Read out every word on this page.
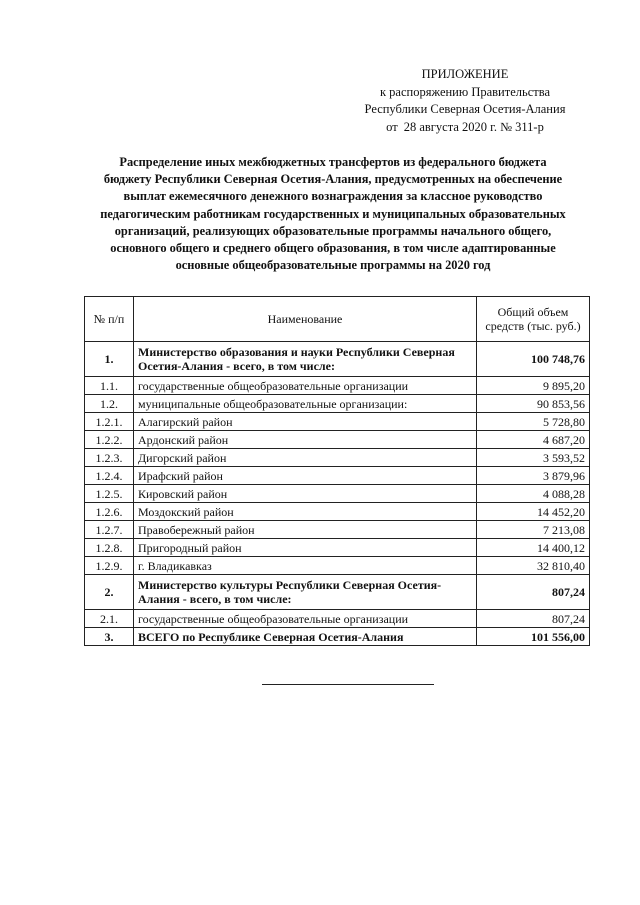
ПРИЛОЖЕНИЕ
к распоряжению Правительства
Республики Северная Осетия-Алания
от 28 августа 2020 г. № 311-р
Распределение иных межбюджетных трансфертов из федерального бюджета
бюджету Республики Северная Осетия-Алания, предусмотренных на обеспечение
выплат ежемесячного денежного вознаграждения за классное руководство
педагогическим работникам государственных и муниципальных образовательных
организаций, реализующих образовательные программы начального общего,
основного общего и среднего общего образования, в том числе адаптированные
основные общеобразовательные программы на 2020 год
№ п/п	Наименование	Общий объем средств (тыс. руб.)
1.	Министерство образования и науки Республики Северная Осетия-Алания - всего, в том числе:	100 748,76
1.1.	государственные общеобразовательные организации	9 895,20
1.2.	муниципальные общеобразовательные организации:	90 853,56
1.2.1.	Алагирский район	5 728,80
1.2.2.	Ардонский район	4 687,20
1.2.3.	Дигорский район	3 593,52
1.2.4.	Ирафский район	3 879,96
1.2.5.	Кировский район	4 088,28
1.2.6.	Моздокский район	14 452,20
1.2.7.	Правобережный район	7 213,08
1.2.8.	Пригородный район	14 400,12
1.2.9.	г. Владикавказ	32 810,40
2.	Министерство культуры Республики Северная Осетия-Алания - всего, в том числе:	807,24
2.1.	государственные общеобразовательные организации	807,24
3.	ВСЕГО по Республике Северная Осетия-Алания	101 556,00
